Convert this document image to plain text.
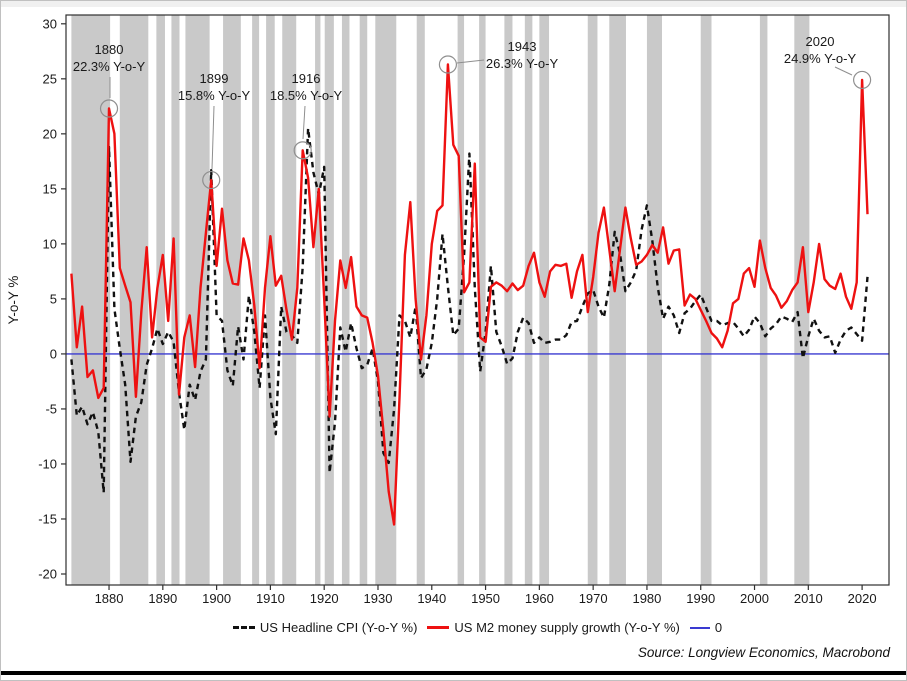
30
25
20
15
10
5
0
-5
-10
-15
-20
1880 1890 1900 1910 1920 1930 1940 1950 1960 1970 1980 1990 2000 2010 2020
Y-o-Y %
1880 22.3% Y-o-Y
1899 15.8% Y-o-Y
1916 18.5% Y-o-Y
1943 26.3% Y-o-Y
2020 24.9% Y-o-Y
US Headline CPI (Y-o-Y %)	US M2 money supply growth (Y-o-Y %)	0
Source: Longview Economics, Macrobond
